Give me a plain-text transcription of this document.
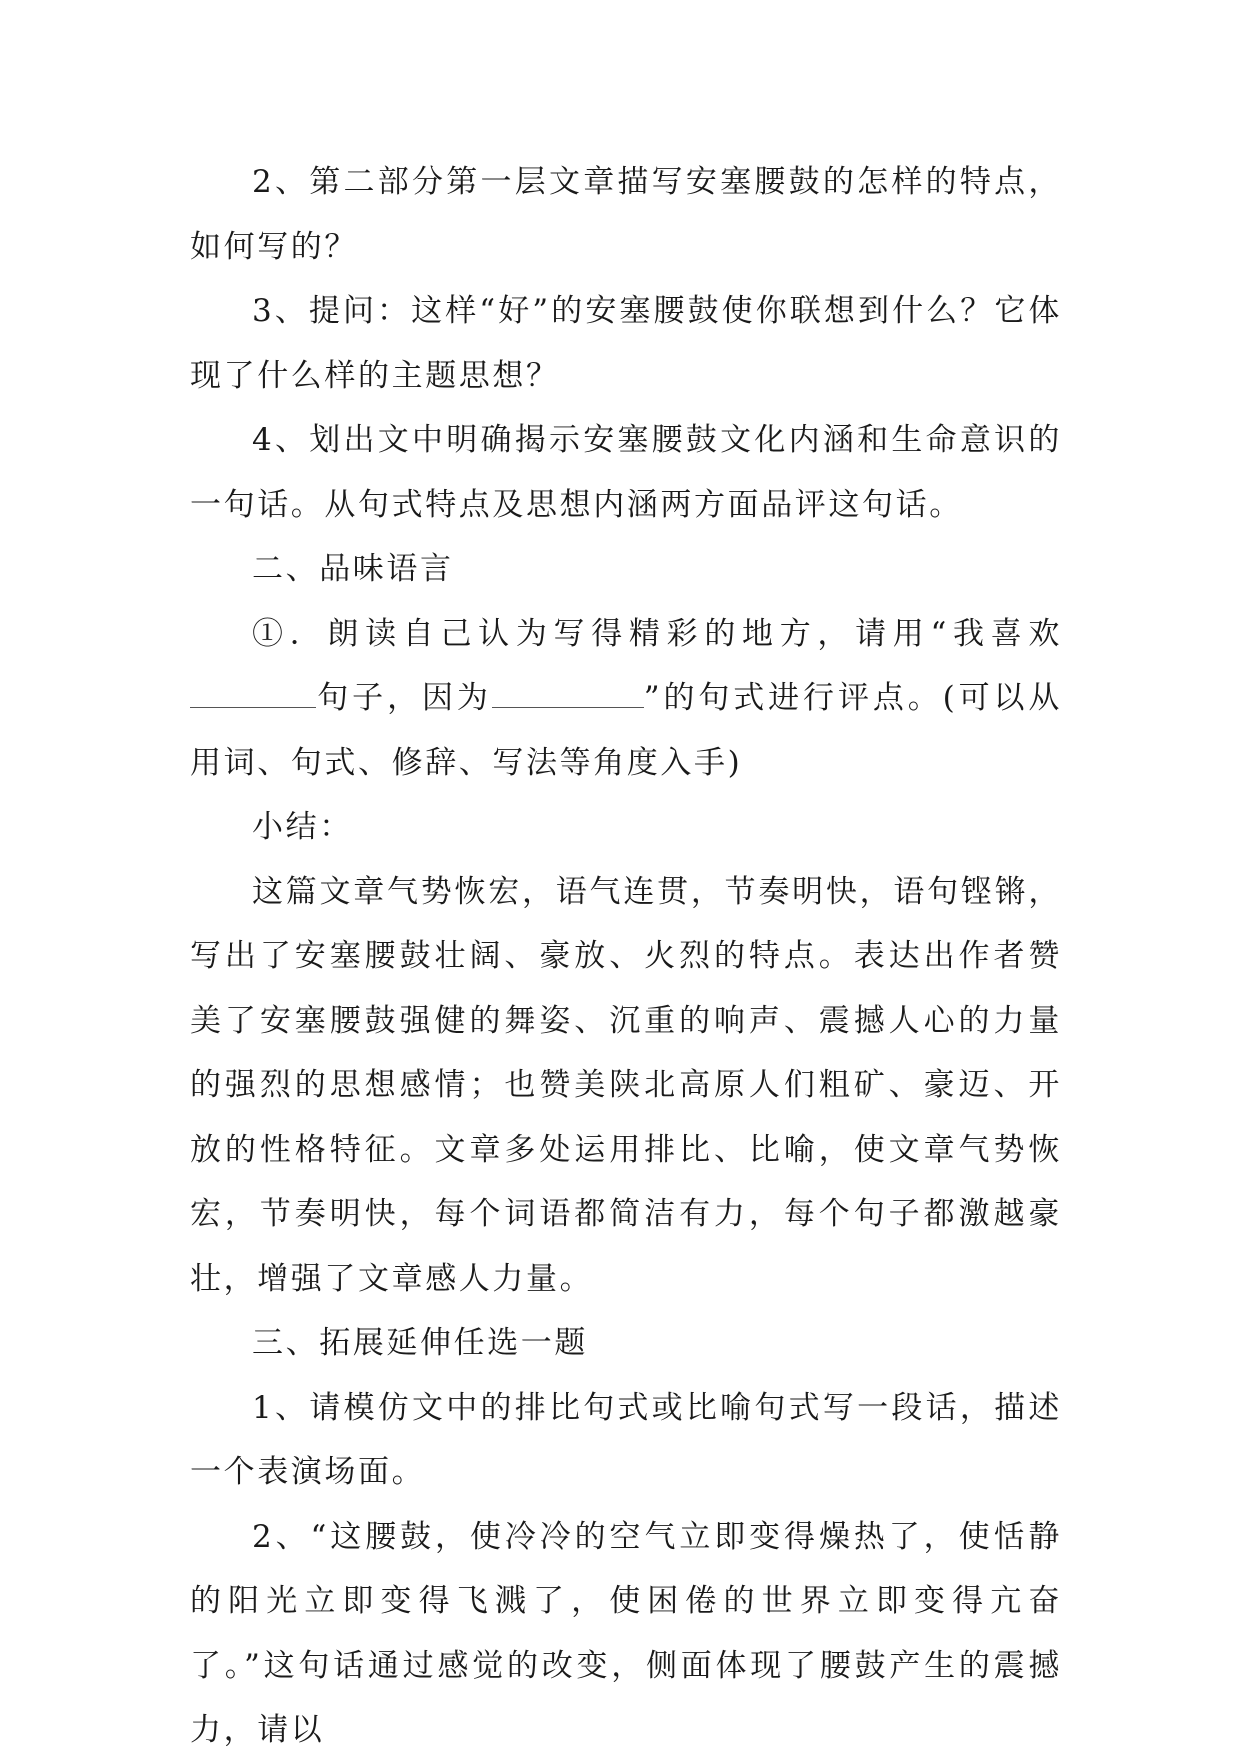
2、第二部分第一层文章描写安塞腰鼓的怎样的特点，如何写的？

3、提问：这样“好”的安塞腰鼓使你联想到什么？它体现了什么样的主题思想？

4、划出文中明确揭示安塞腰鼓文化内涵和生命意识的一句话。从句式特点及思想内涵两方面品评这句话。

二、品味语言

①．朗读自己认为写得精彩的地方，请用“我喜欢句子，因为	”的句式进行评点。(可以从用词、句式、修辞、写法等角度入手)

小结：

这篇文章气势恢宏，语气连贯，节奏明快，语句铿锵，写出了安塞腰鼓壮阔、豪放、火烈的特点。表达出作者赞美了安塞腰鼓强健的舞姿、沉重的响声、震撼人心的力量的强烈的思想感情；也赞美陕北高原人们粗矿、豪迈、开放的性格特征。文章多处运用排比、比喻，使文章气势恢宏，节奏明快，每个词语都简洁有力，每个句子都激越豪壮，增强了文章感人力量。

三、拓展延伸任选一题

1、请模仿文中的排比句式或比喻句式写一段话，描述一个表演场面。

2、“这腰鼓，使冷冷的空气立即变得燥热了，使恬静的阳光立即变得飞溅了，使困倦的世界立即变得亢奋了。”这句话通过感觉的改变，侧面体现了腰鼓产生的震撼力，请以
